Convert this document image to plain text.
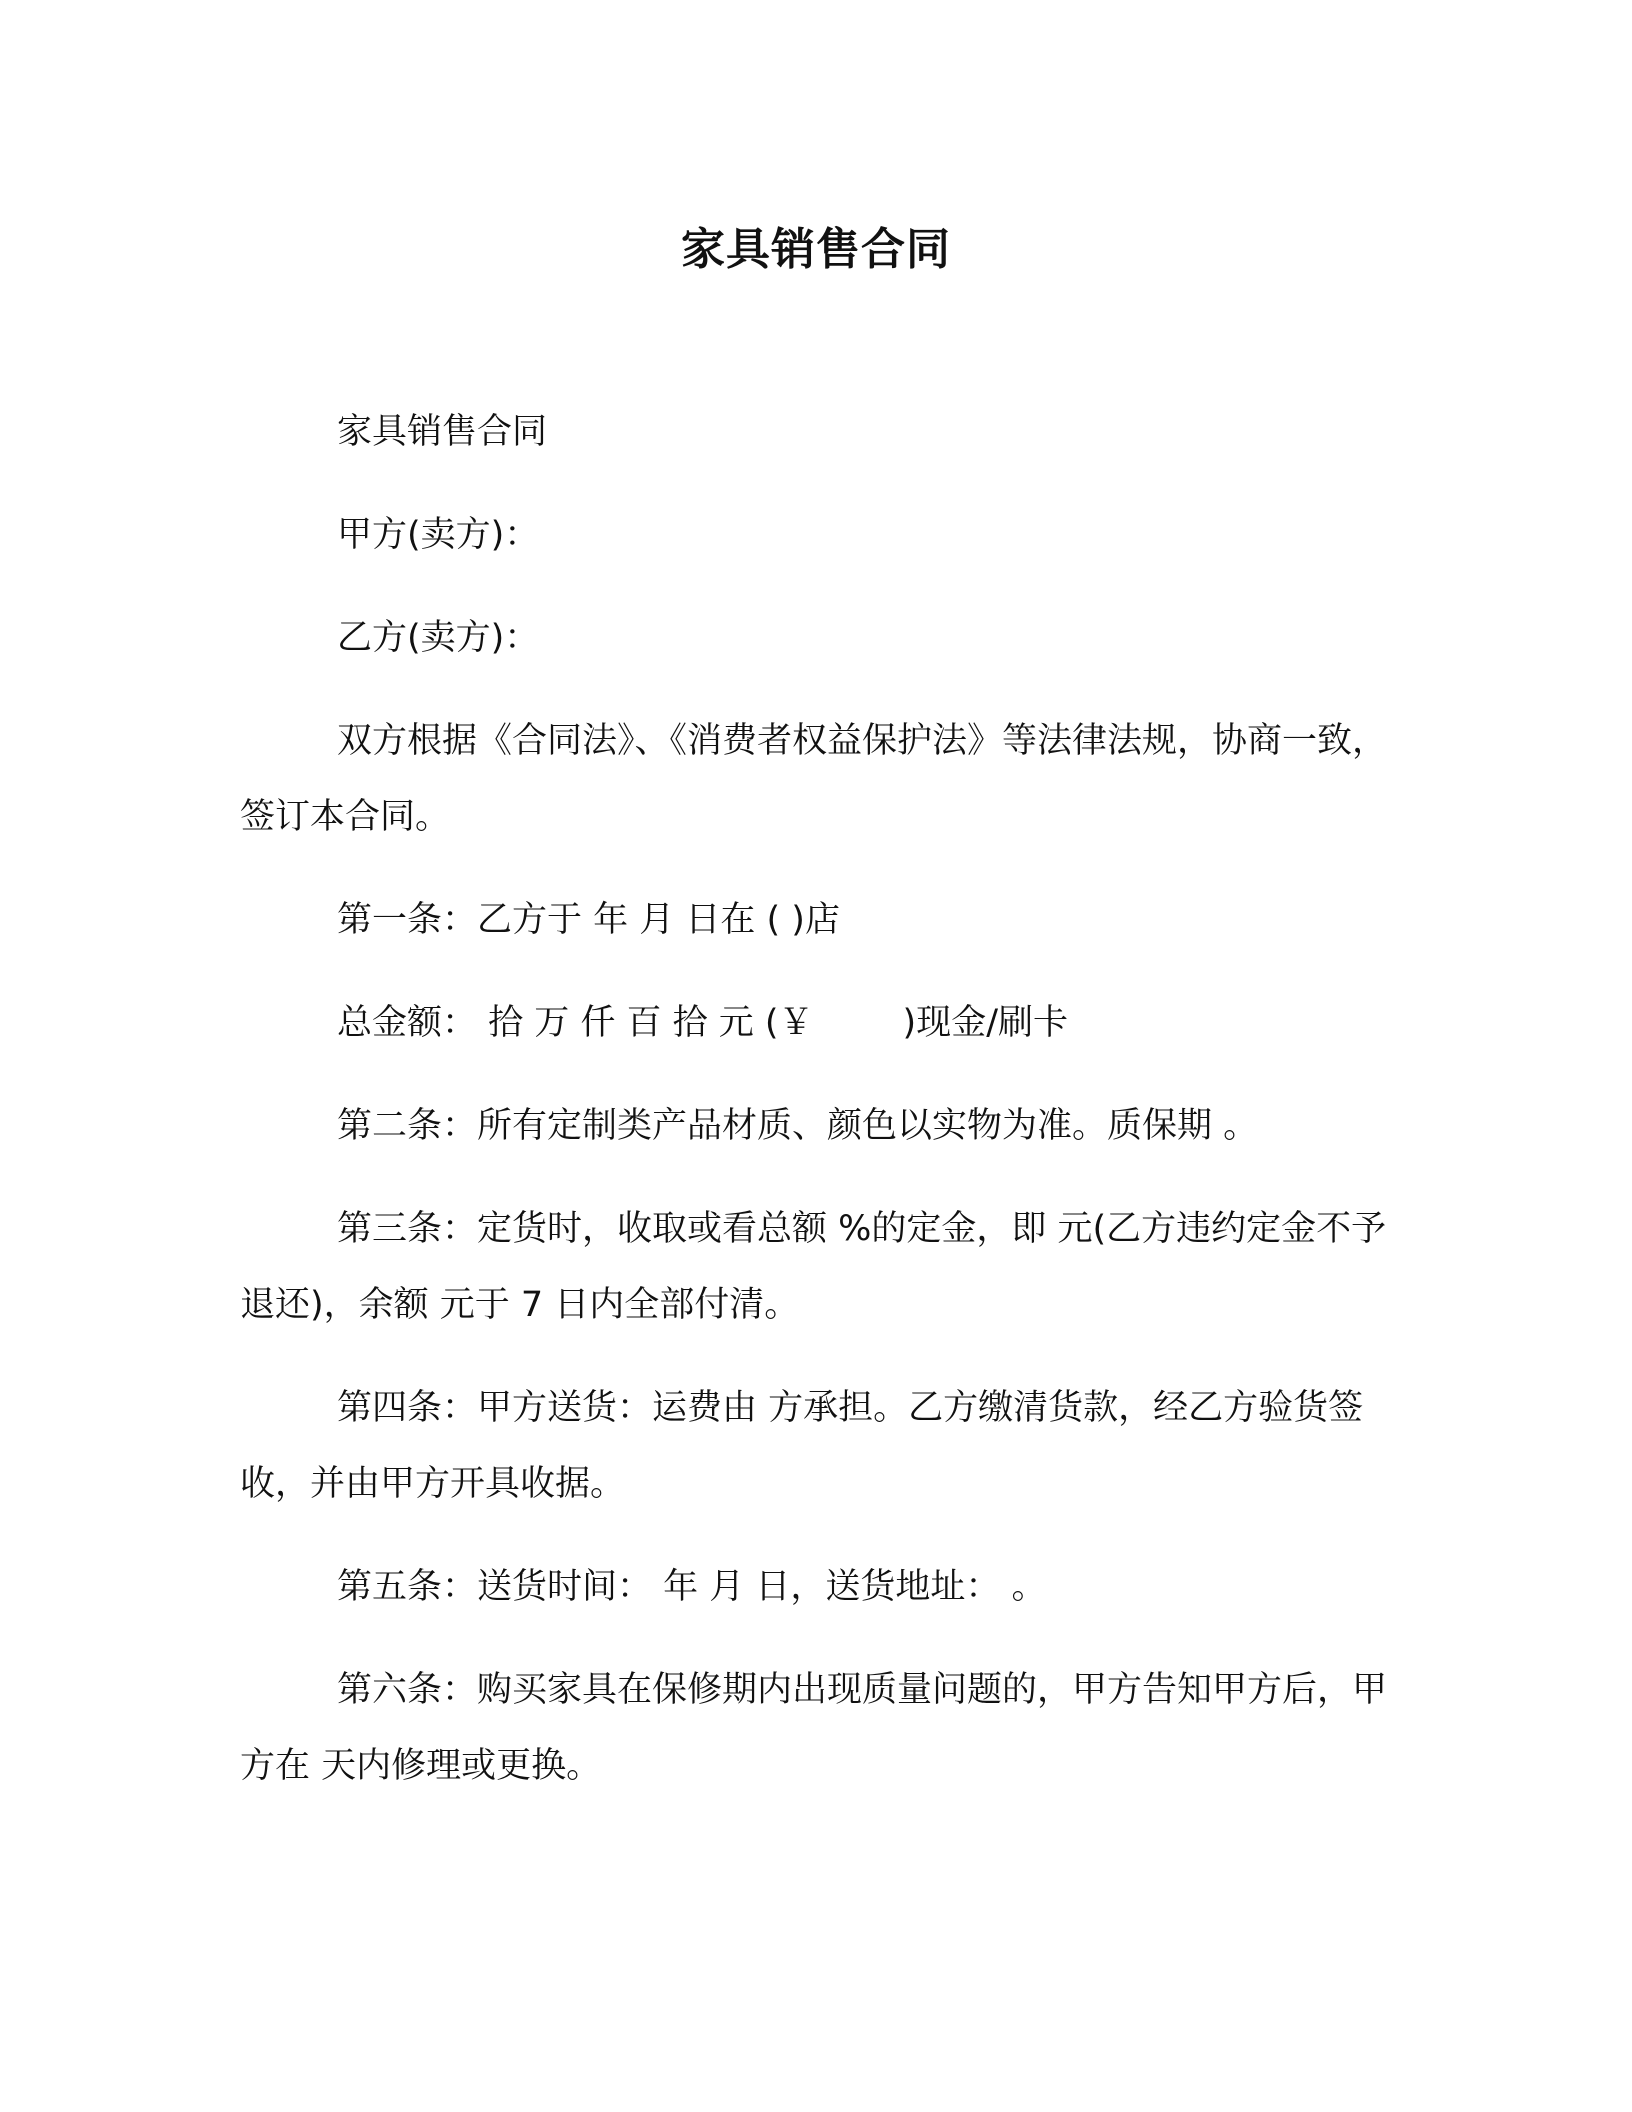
家具销售合同

家具销售合同

甲方(卖方)：

乙方(卖方)：

双方根据《合同法》、《消费者权益保护法》等法律法规，协商一致，签订本合同。

第一条：乙方于 年 月 日在 ( )店

总金额： 拾 万 仟 百 拾 元 (￥        )现金/刷卡

第二条：所有定制类产品材质、颜色以实物为准。质保期 。

第三条：定货时，收取或看总额 %的定金，即 元(乙方违约定金不予退还)，余额 元于 7 日内全部付清。

第四条：甲方送货：运费由 方承担。乙方缴清货款，经乙方验货签收，并由甲方开具收据。

第五条：送货时间： 年 月 日，送货地址： 。

第六条：购买家具在保修期内出现质量问题的，甲方告知甲方后，甲方在 天内修理或更换。
